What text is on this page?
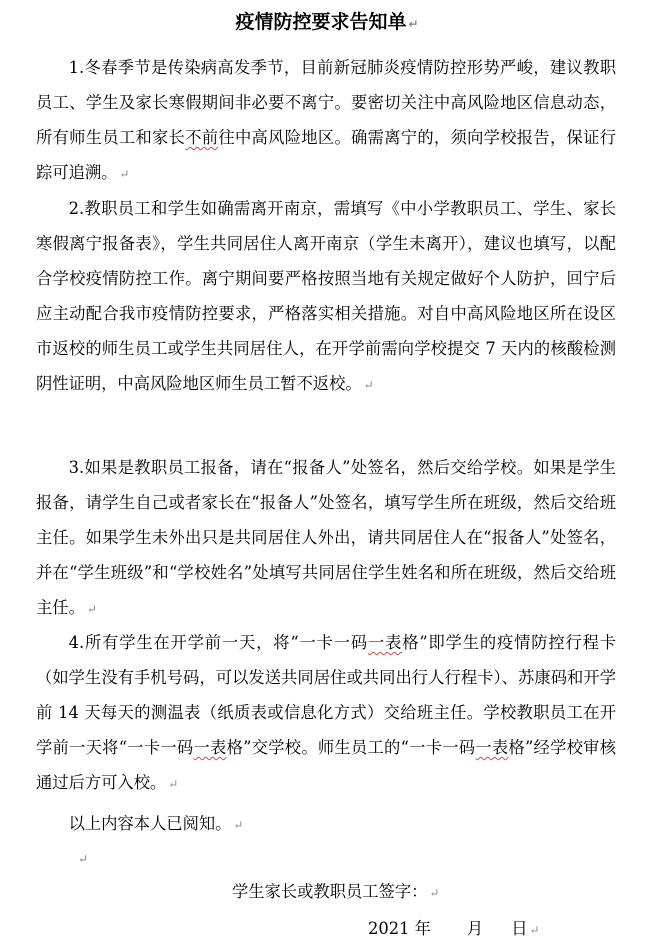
疫情防控要求告知单 ↵

1.冬春季节是传染病高发季节，目前新冠肺炎疫情防控形势严峻，建议教职员工、学生及家长寒假期间非必要不离宁。要密切关注中高风险地区信息动态，所有师生员工和家长不前往中高风险地区。确需离宁的，须向学校报告，保证行踪可追溯。 ↵

2.教职员工和学生如确需离开南京，需填写《中小学教职员工、学生、家长寒假离宁报备表》，学生共同居住人离开南京（学生未离开），建议也填写，以配合学校疫情防控工作。离宁期间要严格按照当地有关规定做好个人防护，回宁后应主动配合我市疫情防控要求，严格落实相关措施。对自中高风险地区所在设区市返校的师生员工或学生共同居住人，在开学前需向学校提交 7 天内的核酸检测阴性证明，中高风险地区师生员工暂不返校。 ↵

3.如果是教职员工报备，请在“报备人”处签名，然后交给学校。如果是学生报备，请学生自己或者家长在“报备人”处签名，填写学生所在班级，然后交给班主任。如果学生未外出只是共同居住人外出，请共同居住人在“报备人”处签名，并在“学生班级”和“学校姓名”处填写共同居住学生姓名和所在班级，然后交给班主任。 ↵

4.所有学生在开学前一天，将“一卡一码一表格”即学生的疫情防控行程卡（如学生没有手机号码，可以发送共同居住或共同出行人行程卡）、苏康码和开学前 14 天每天的测温表（纸质表或信息化方式）交给班主任。学校教职员工在开学前一天将“一卡一码一表格”交学校。师生员工的“一卡一码一表格”经学校审核通过后方可入校。 ↵

以上内容本人已阅知。 ↵

↵
学生家长或教职员工签字： ↵
2021 年 月 日 ↵
